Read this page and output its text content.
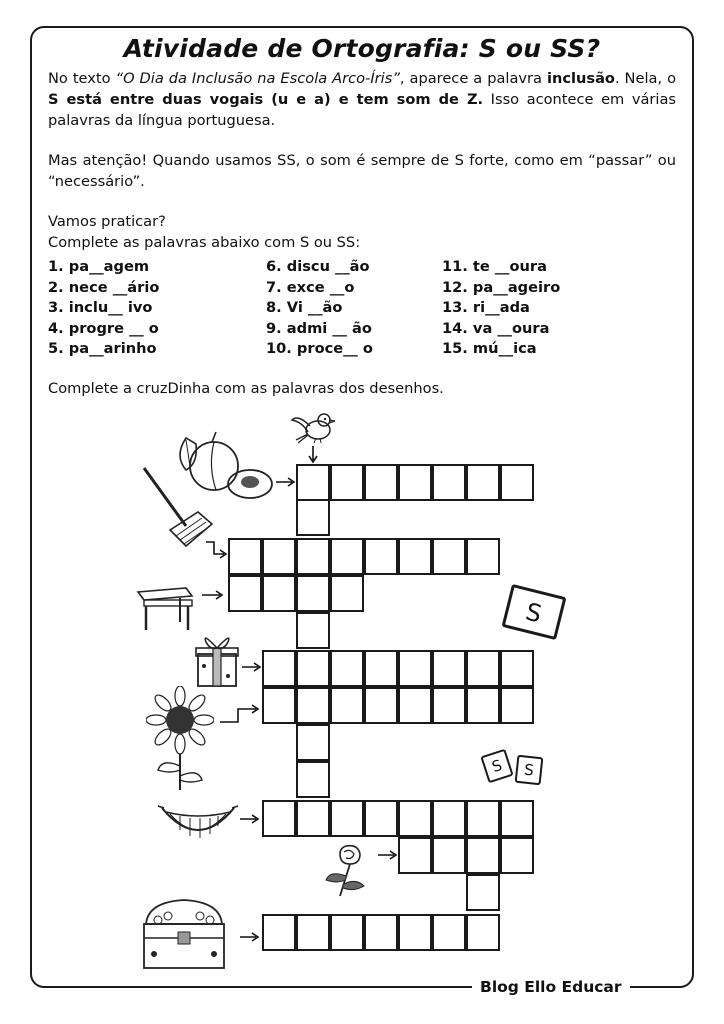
Atividade de Ortografia: S ou SS?
No texto “O Dia da Inclusão na Escola Arco-Íris”, aparece a palavra inclusão. Nela, o S está entre duas vogais (u e a) e tem som de Z. Isso acontece em várias palavras da língua portuguesa.
Mas atenção! Quando usamos SS, o som é sempre de S forte, como em “passar” ou “necessário”.
Vamos praticar?
Complete as palavras abaixo com S ou SS:
1. pa__agem
2. nece __ário
3. inclu__ ivo
4. progre __ o
5. pa__arinho
6. discu __ão
7. exce __o
8. Vi __ão
9. admi __ ão
10. proce__ o
11. te __oura
12. pa__ageiro
13. ri__ada
14. va __oura
15. mú__ica
Complete a cruzDinha com as palavras dos desenhos.
S
S	S
Blog Ello Educar
